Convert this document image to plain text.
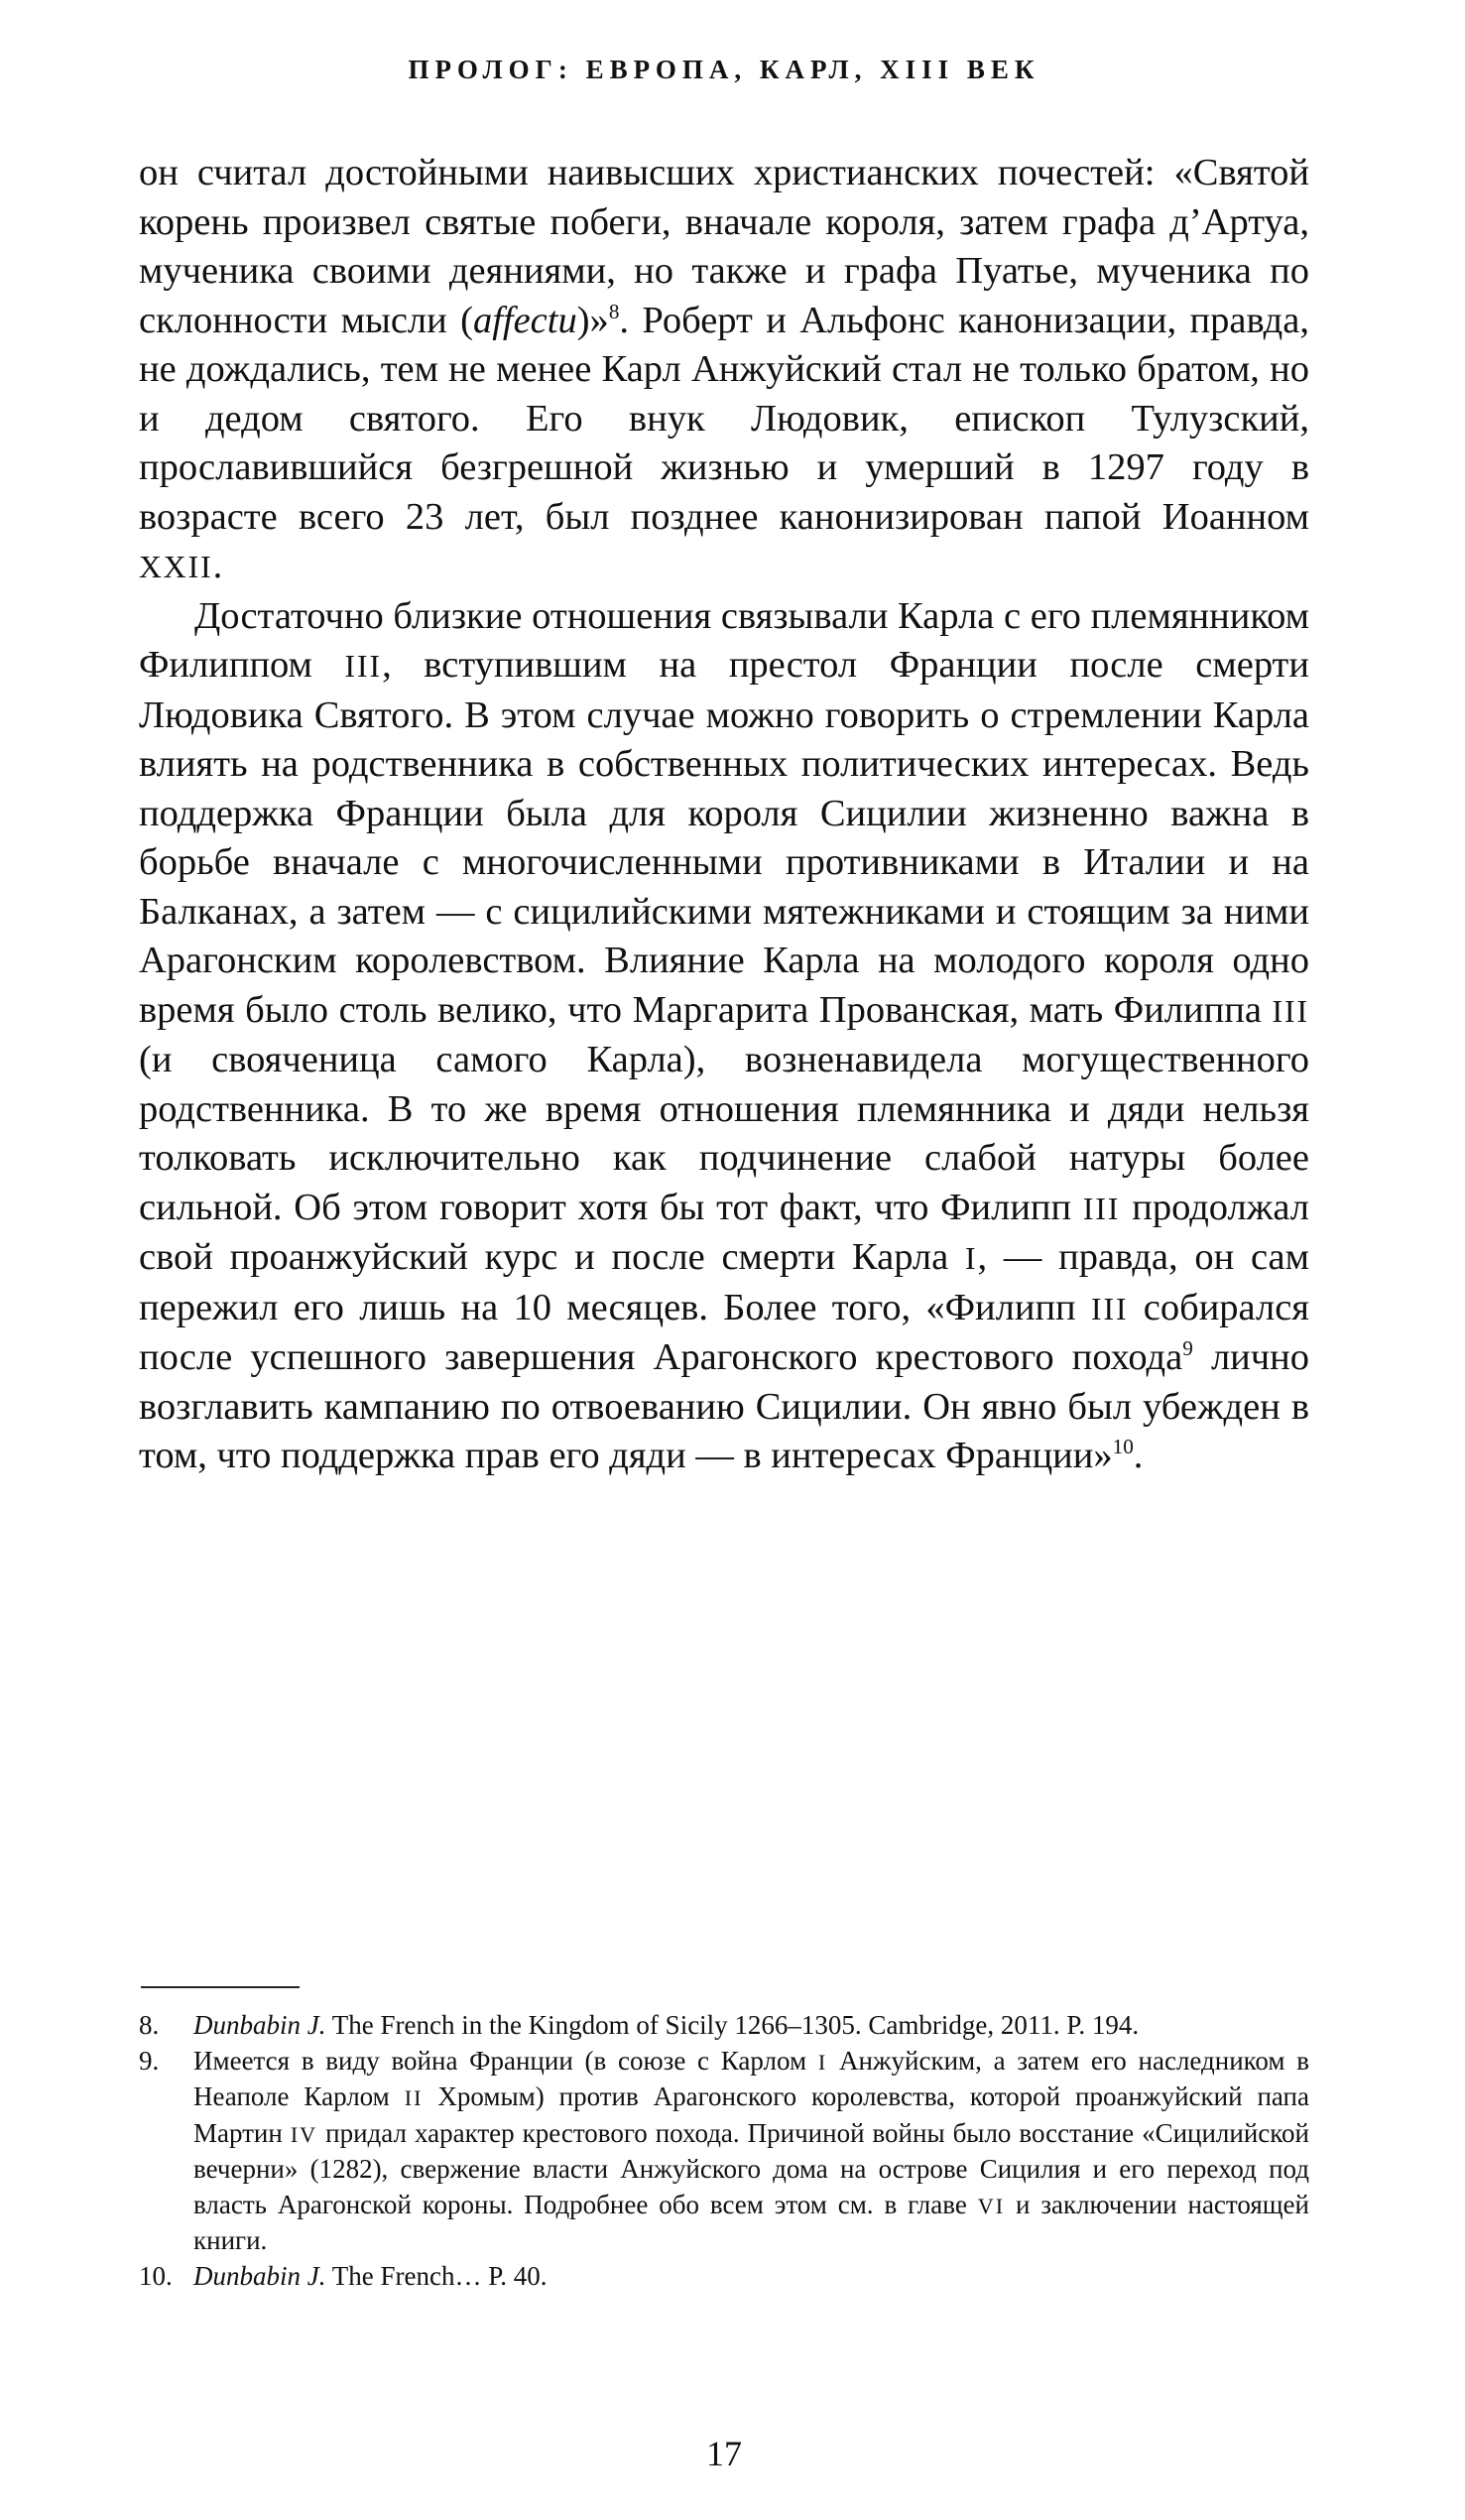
ПРОЛОГ: ЕВРОПА, КАРЛ, XIII ВЕК

он считал достойными наивысших христианских почестей: «Святой корень произвел святые побеги, вначале короля, затем графа д’Артуа, мученика своими деяниями, но также и графа Пуатье, мученика по склонности мысли (affectu)»$^8$. Роберт и Альфонс канонизации, правда, не дождались, тем не менее Карл Анжуйский стал не только братом, но и дедом святого. Его внук Людовик, епископ Тулузский, прославившийся безгрешной жизнью и умерший в 1297 году в возрасте всего 23 лет, был позднее канонизирован папой Иоанном XXII.

Достаточно близкие отношения связывали Карла с его племянником Филиппом III, вступившим на престол Франции после смерти Людовика Святого. В этом случае можно говорить о стремлении Карла влиять на родственника в собственных политических интересах. Ведь поддержка Франции была для короля Сицилии жизненно важна в борьбе вначале с многочисленными противниками в Италии и на Балканах, а затем — с сицилийскими мятежниками и стоящим за ними Арагонским королевством. Влияние Карла на молодого короля одно время было столь велико, что Маргарита Прованская, мать Филиппа III (и свояченица самого Карла), возненавидела могущественного родственника. В то же время отношения племянника и дяди нельзя толковать исключительно как подчинение слабой натуры более сильной. Об этом говорит хотя бы тот факт, что Филипп III продолжал свой проанжуйский курс и после смерти Карла I, — правда, он сам пережил его лишь на 10 месяцев. Более того, «Филипп III собирался после успешного завершения Арагонского крестового похода$^9$ лично возглавить кампанию по отвоеванию Сицилии. Он явно был убежден в том, что поддержка прав его дяди — в интересах Франции»$^{10}$.

8. Dunbabin J. The French in the Kingdom of Sicily 1266–1305. Cambridge, 2011. P. 194.

9. Имеется в виду война Франции (в союзе с Карлом I Анжуйским, а затем его наследником в Неаполе Карлом II Хромым) против Арагонского королевства, которой проанжуйский папа Мартин IV придал характер крестового похода. Причиной войны было восстание «Сицилийской вечерни» (1282), свержение власти Анжуйского дома на острове Сицилия и его переход под власть Арагонской короны. Подробнее обо всем этом см. в главе VI и заключении настоящей книги.

10. Dunbabin J. The French… P. 40.

17
